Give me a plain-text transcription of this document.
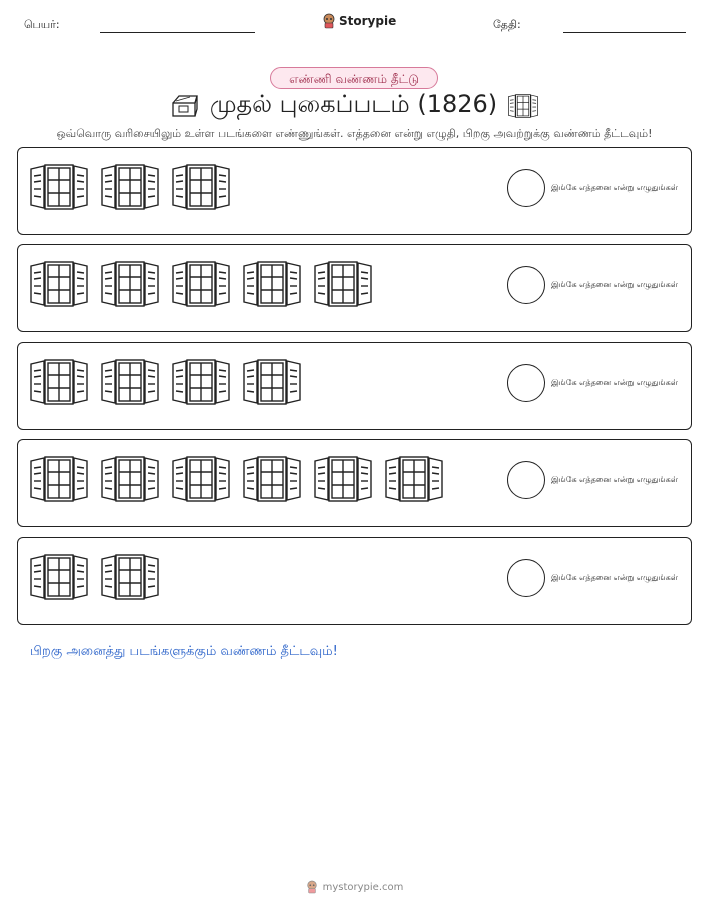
பெயர்:	Storypie	தேதி:
எண்ணி வண்ணம் தீட்டு
முதல் புகைப்படம் (1826)
ஒவ்வொரு வரிசையிலும் உள்ள படங்களை எண்ணுங்கள். எத்தனை என்று எழுதி, பிறகு அவற்றுக்கு வண்ணம் தீட்டவும்!
இங்கே எத்தனை என்று எழுதுங்கள்
இங்கே எத்தனை என்று எழுதுங்கள்
இங்கே எத்தனை என்று எழுதுங்கள்
இங்கே எத்தனை என்று எழுதுங்கள்
இங்கே எத்தனை என்று எழுதுங்கள்
பிறகு அனைத்து படங்களுக்கும் வண்ணம் தீட்டவும்!
mystorypie.com
